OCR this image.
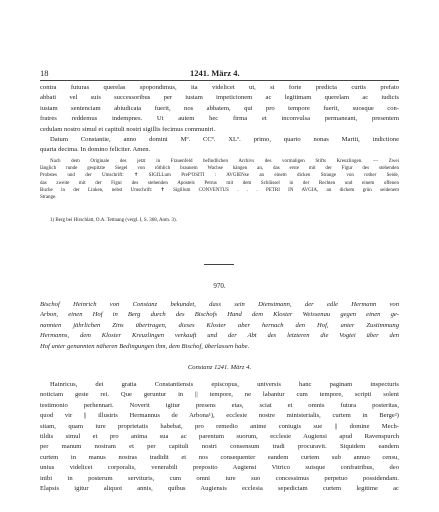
18	1241. März 4.
contra futuras querelas spopondimus, ita videlicet ut, si forte predicta curtis prefato
abbati vel suis successoribus per iustam impeticionem ac legitimam querelam ac iudicis
iustam sentenciam abiudicata fuerit, nos abbatem, qui pro tempore fuerit, suosque con-
fratres reddemus indempnes. Ut autem hec firma et inconvulsa permaneant, presentem
cedulam nostro simul et capituli nostri sigillis fecimus communiri.
Datum Constantie, anno domini Mº. CCº. XLº. primo, quarto nonas Martii, indictione
quarta decima. In domino feliciter. Amen.
Nach dem Originale des jetzt in Frauenfeld befindlichen Archivs des vormaligen Stifts Kreuzlingen. — Zwei
länglich runde gespitzte Siegel von röthlich braunem Wachse hängen an, das erste mit der Figur des stehenden
Probstes und der Umschrift: ✝ SIGILLum PreP'OSITI : AVGIENse an einem dicken Strange von rother Seide,
das zweite mit der Figur des stehenden Apostels Petrus mit dem Schlüssel in der Rechten und einem offenen
Buche in der Linken, nebst Umschrift: ✝ Sigillum CONVENTUS . . . PETRI IN AVGIA, an dickem grün seidenem
Strange.
1) Berg bei Hirschlatt, O.A. Tettnang (vergl. I, S. 368, Anm. 3).
970.
Bischof Heinrich von Constanz bekundet, dass sein Dienstmann, der edle Hermann von
Arbon, einen Hof in Berg durch des Bischofs Hand dem Kloster Weissenau gegen einen ge-
nannten jährlichen Zins übertragen, dieses Kloster aber hernach den Hof, unter Zustimmung
Hermanns, dem Kloster Kreuzlingen verkauft und der Abt des letzteren die Vogtei über den
Hof unter genannten näheren Bedingungen ihm, dem Bischof, überlassen habe.
Constanz 1241. März 4.
Hainricus, dei gratia Constantiensis episcopus, universis hanc paginam inspecturis
noticiam geste rei. Que geruntur in || tempore, ne labantur cum tempore, scripti solent
testimonio perhennari. Noverit igitur presens etas, sciat et omnis futura posteritas,
quod vir || illustris Hermannus de Arbona¹), ecclesie nostre ministerialis, curtem in Berge²)
sitam, quam iure proprietatis habebat, pro remedio anime coniugis sue || domine Mech-
tildis simul et pro anima sua ac parentum suorum, ecclesie Augiensi apud Ravenspurch
per manum nostram et per capituli nostri consensum tradi procuravit. Siquidem eandem
curtem in manus nostras tradidit et nos consequenter eandem curtem sub annuo censu,
unius videlicet corporalis, venerabili preposito Augiensi Vitrico suisque confratribus, deo
inibi in posterum servituris, cum omni iure suo concessimus perpetuo possidendam.
Elapsis igitur aliquot annis, quibus Augiensis ecclesia sepedictam curtem legitime ac
